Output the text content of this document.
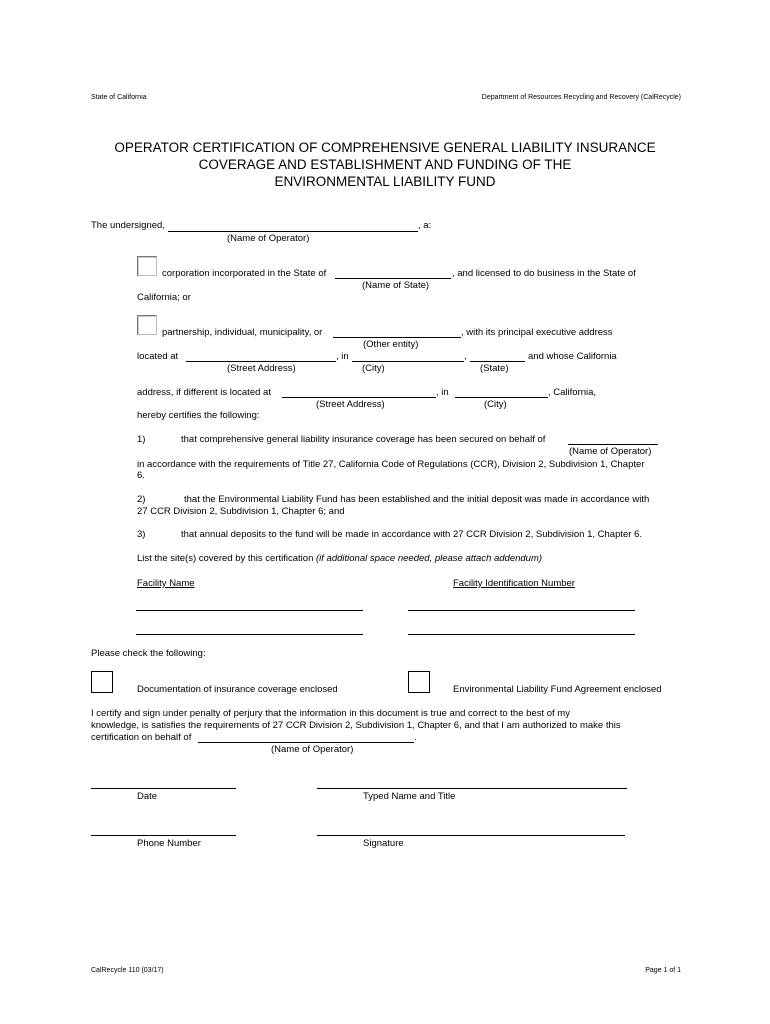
State of California	Department of Resources Recycling and Recovery (CalRecycle)
OPERATOR CERTIFICATION OF COMPREHENSIVE GENERAL LIABILITY INSURANCE
COVERAGE AND ESTABLISHMENT AND FUNDING OF THE
ENVIRONMENTAL LIABILITY FUND
The undersigned,	, a:
(Name of Operator)
corporation incorporated in the State of	, and licensed to do business in the State of
(Name of State)
California; or
partnership, individual, municipality, or	, with its principal executive address
(Other entity)
located at	, in	,	and whose California
(Street Address)	(City)	(State)
address, if different is located at	, in	, California,
(Street Address)	(City)
hereby certifies the following:
1)	that comprehensive general liability insurance coverage has been secured on behalf of
(Name of Operator)
in accordance with the requirements of Title 27, California Code of Regulations (CCR), Division 2, Subdivision 1, Chapter
6.
2)	that the Environmental Liability Fund has been established and the initial deposit was made in accordance with
27 CCR Division 2, Subdivision 1, Chapter 6; and
3)	that annual deposits to the fund will be made in accordance with 27 CCR Division 2, Subdivision 1, Chapter 6.
List the site(s) covered by this certification (if additional space needed, please attach addendum)
Facility Name	Facility Identification Number
Please check the following:
Documentation of insurance coverage enclosed	Environmental Liability Fund Agreement enclosed
I certify and sign under penalty of perjury that the information in this document is true and correct to the best of my
knowledge, is satisfies the requirements of 27 CCR Division 2, Subdivision 1, Chapter 6, and that I am authorized to make this
certification on behalf of	.
(Name of Operator)
Date	Typed Name and Title
Phone Number	Signature
CalRecycle 110 (03/17)	Page 1 of 1
